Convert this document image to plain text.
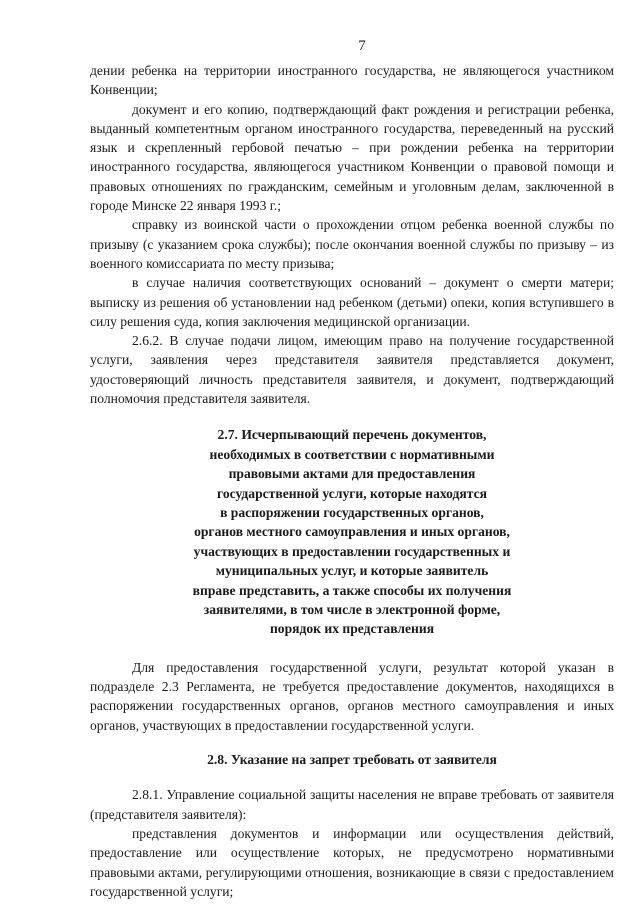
7

дении ребенка на территории иностранного государства, не являющегося участником Конвенции;

документ и его копию, подтверждающий факт рождения и регистрации ребенка, выданный компетентным органом иностранного государства, переведенный на русский язык и скрепленный гербовой печатью – при рождении ребенка на территории иностранного государства, являющегося участником Конвенции о правовой помощи и правовых отношениях по гражданским, семейным и уголовным делам, заключенной в городе Минске 22 января 1993 г.;

справку из воинской части о прохождении отцом ребенка военной службы по призыву (с указанием срока службы); после окончания военной службы по призыву – из военного комиссариата по месту призыва;

в случае наличия соответствующих оснований – документ о смерти матери; выписку из решения об установлении над ребенком (детьми) опеки, копия вступившего в силу решения суда, копия заключения медицинской организации.

2.6.2. В случае подачи лицом, имеющим право на получение государственной услуги, заявления через представителя заявителя представляется документ, удостоверяющий личность представителя заявителя, и документ, подтверждающий полномочия представителя заявителя.

2.7. Исчерпывающий перечень документов,
необходимых в соответствии с нормативными
правовыми актами для предоставления
государственной услуги, которые находятся
в распоряжении государственных органов,
органов местного самоуправления и иных органов,
участвующих в предоставлении государственных и
муниципальных услуг, и которые заявитель
вправе представить, а также способы их получения
заявителями, в том числе в электронной форме,
порядок их представления

Для предоставления государственной услуги, результат которой указан в подразделе 2.3 Регламента, не требуется предоставление документов, находящихся в распоряжении государственных органов, органов местного самоуправления и иных органов, участвующих в предоставлении государственной услуги.

2.8. Указание на запрет требовать от заявителя

2.8.1. Управление социальной защиты населения не вправе требовать от заявителя (представителя заявителя):

представления документов и информации или осуществления действий, предоставление или осуществление которых, не предусмотрено нормативными правовыми актами, регулирующими отношения, возникающие в связи с предоставлением государственной услуги;
